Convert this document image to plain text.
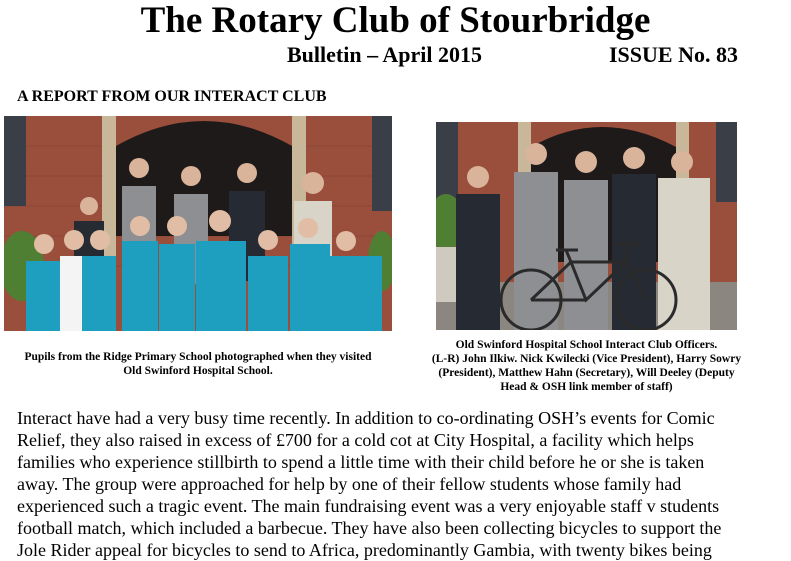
The Rotary Club of Stourbridge
Bulletin – April 2015	ISSUE No. 83
A REPORT FROM OUR INTERACT CLUB
Pupils from the Ridge Primary School photographed when they visited
Old Swinford Hospital School.
Old Swinford Hospital School Interact Club Officers.
(L-R) John Ilkiw. Nick Kwilecki (Vice President), Harry Sowry
(President), Matthew Hahn (Secretary), Will Deeley (Deputy
Head & OSH link member of staff)
Interact have had a very busy time recently. In addition to co-ordinating OSH’s events for Comic
Relief, they also raised in excess of £700 for a cold cot at City Hospital, a facility which helps
families who experience stillbirth to spend a little time with their child before he or she is taken
away. The group were approached for help by one of their fellow students whose family had
experienced such a tragic event. The main fundraising event was a very enjoyable staff v students
football match, which included a barbecue. They have also been collecting bicycles to support the
Jole Rider appeal for bicycles to send to Africa, predominantly Gambia, with twenty bikes being
